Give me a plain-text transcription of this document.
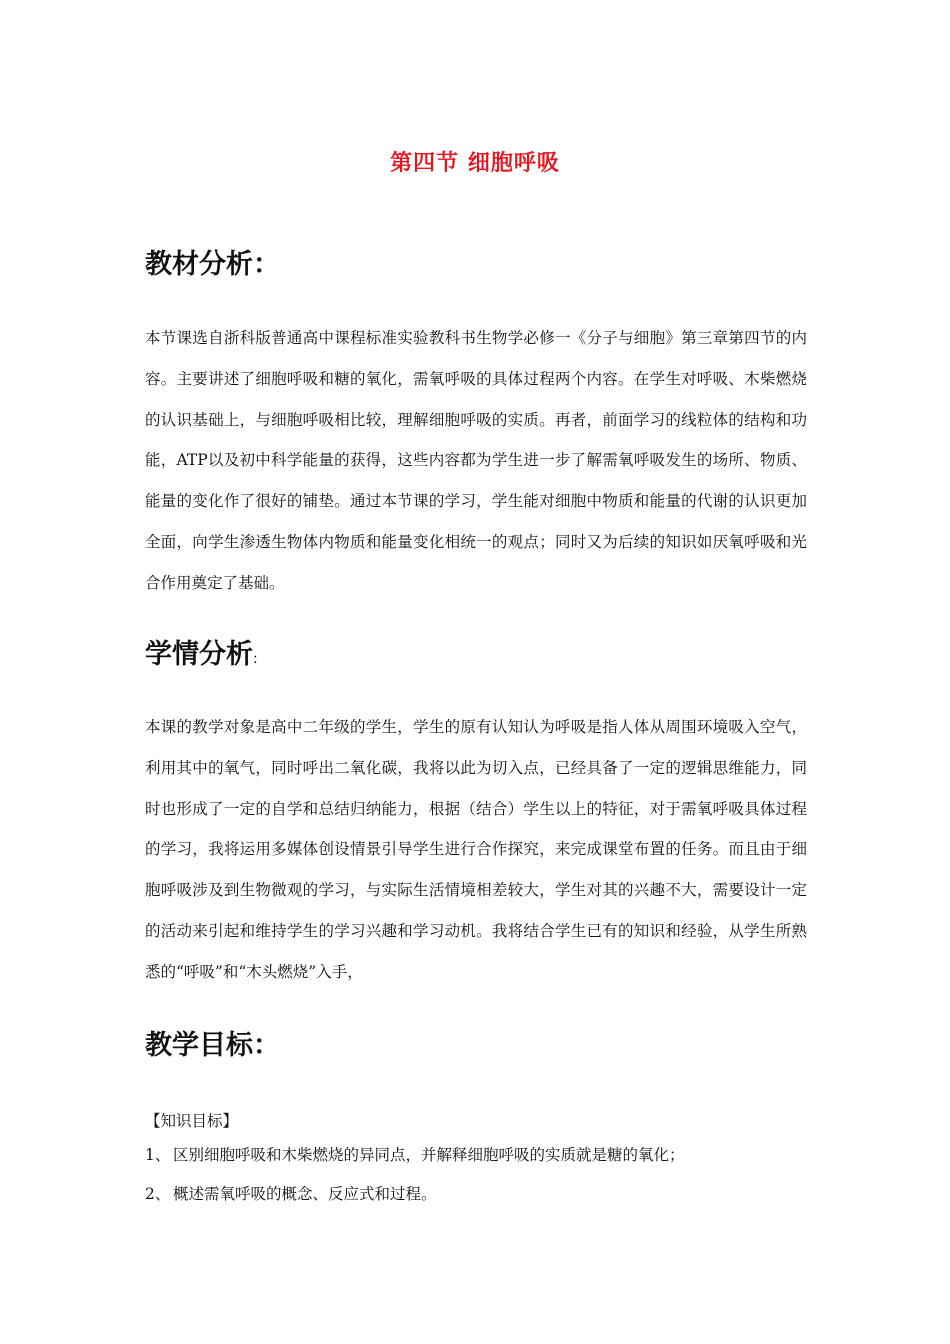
第四节 细胞呼吸
教材分析：
本节课选自浙科版普通高中课程标准实验教科书生物学必修一《分子与细胞》第三章第四节的内容。主要讲述了细胞呼吸和糖的氧化，需氧呼吸的具体过程两个内容。在学生对呼吸、木柴燃烧的认识基础上，与细胞呼吸相比较，理解细胞呼吸的实质。再者，前面学习的线粒体的结构和功能，ATP以及初中科学能量的获得，这些内容都为学生进一步了解需氧呼吸发生的场所、物质、能量的变化作了很好的铺垫。通过本节课的学习，学生能对细胞中物质和能量的代谢的认识更加全面，向学生渗透生物体内物质和能量变化相统一的观点；同时又为后续的知识如厌氧呼吸和光合作用奠定了基础。
学情分析:
本课的教学对象是高中二年级的学生，学生的原有认知认为呼吸是指人体从周围环境吸入空气，利用其中的氧气，同时呼出二氧化碳，我将以此为切入点，已经具备了一定的逻辑思维能力，同时也形成了一定的自学和总结归纳能力，根据（结合）学生以上的特征，对于需氧呼吸具体过程的学习，我将运用多媒体创设情景引导学生进行合作探究，来完成课堂布置的任务。而且由于细胞呼吸涉及到生物微观的学习，与实际生活情境相差较大，学生对其的兴趣不大，需要设计一定的活动来引起和维持学生的学习兴趣和学习动机。我将结合学生已有的知识和经验，从学生所熟悉的“呼吸”和“木头燃烧”入手，
教学目标：
【知识目标】
1、 区别细胞呼吸和木柴燃烧的异同点，并解释细胞呼吸的实质就是糖的氧化；
2、 概述需氧呼吸的概念、反应式和过程。
